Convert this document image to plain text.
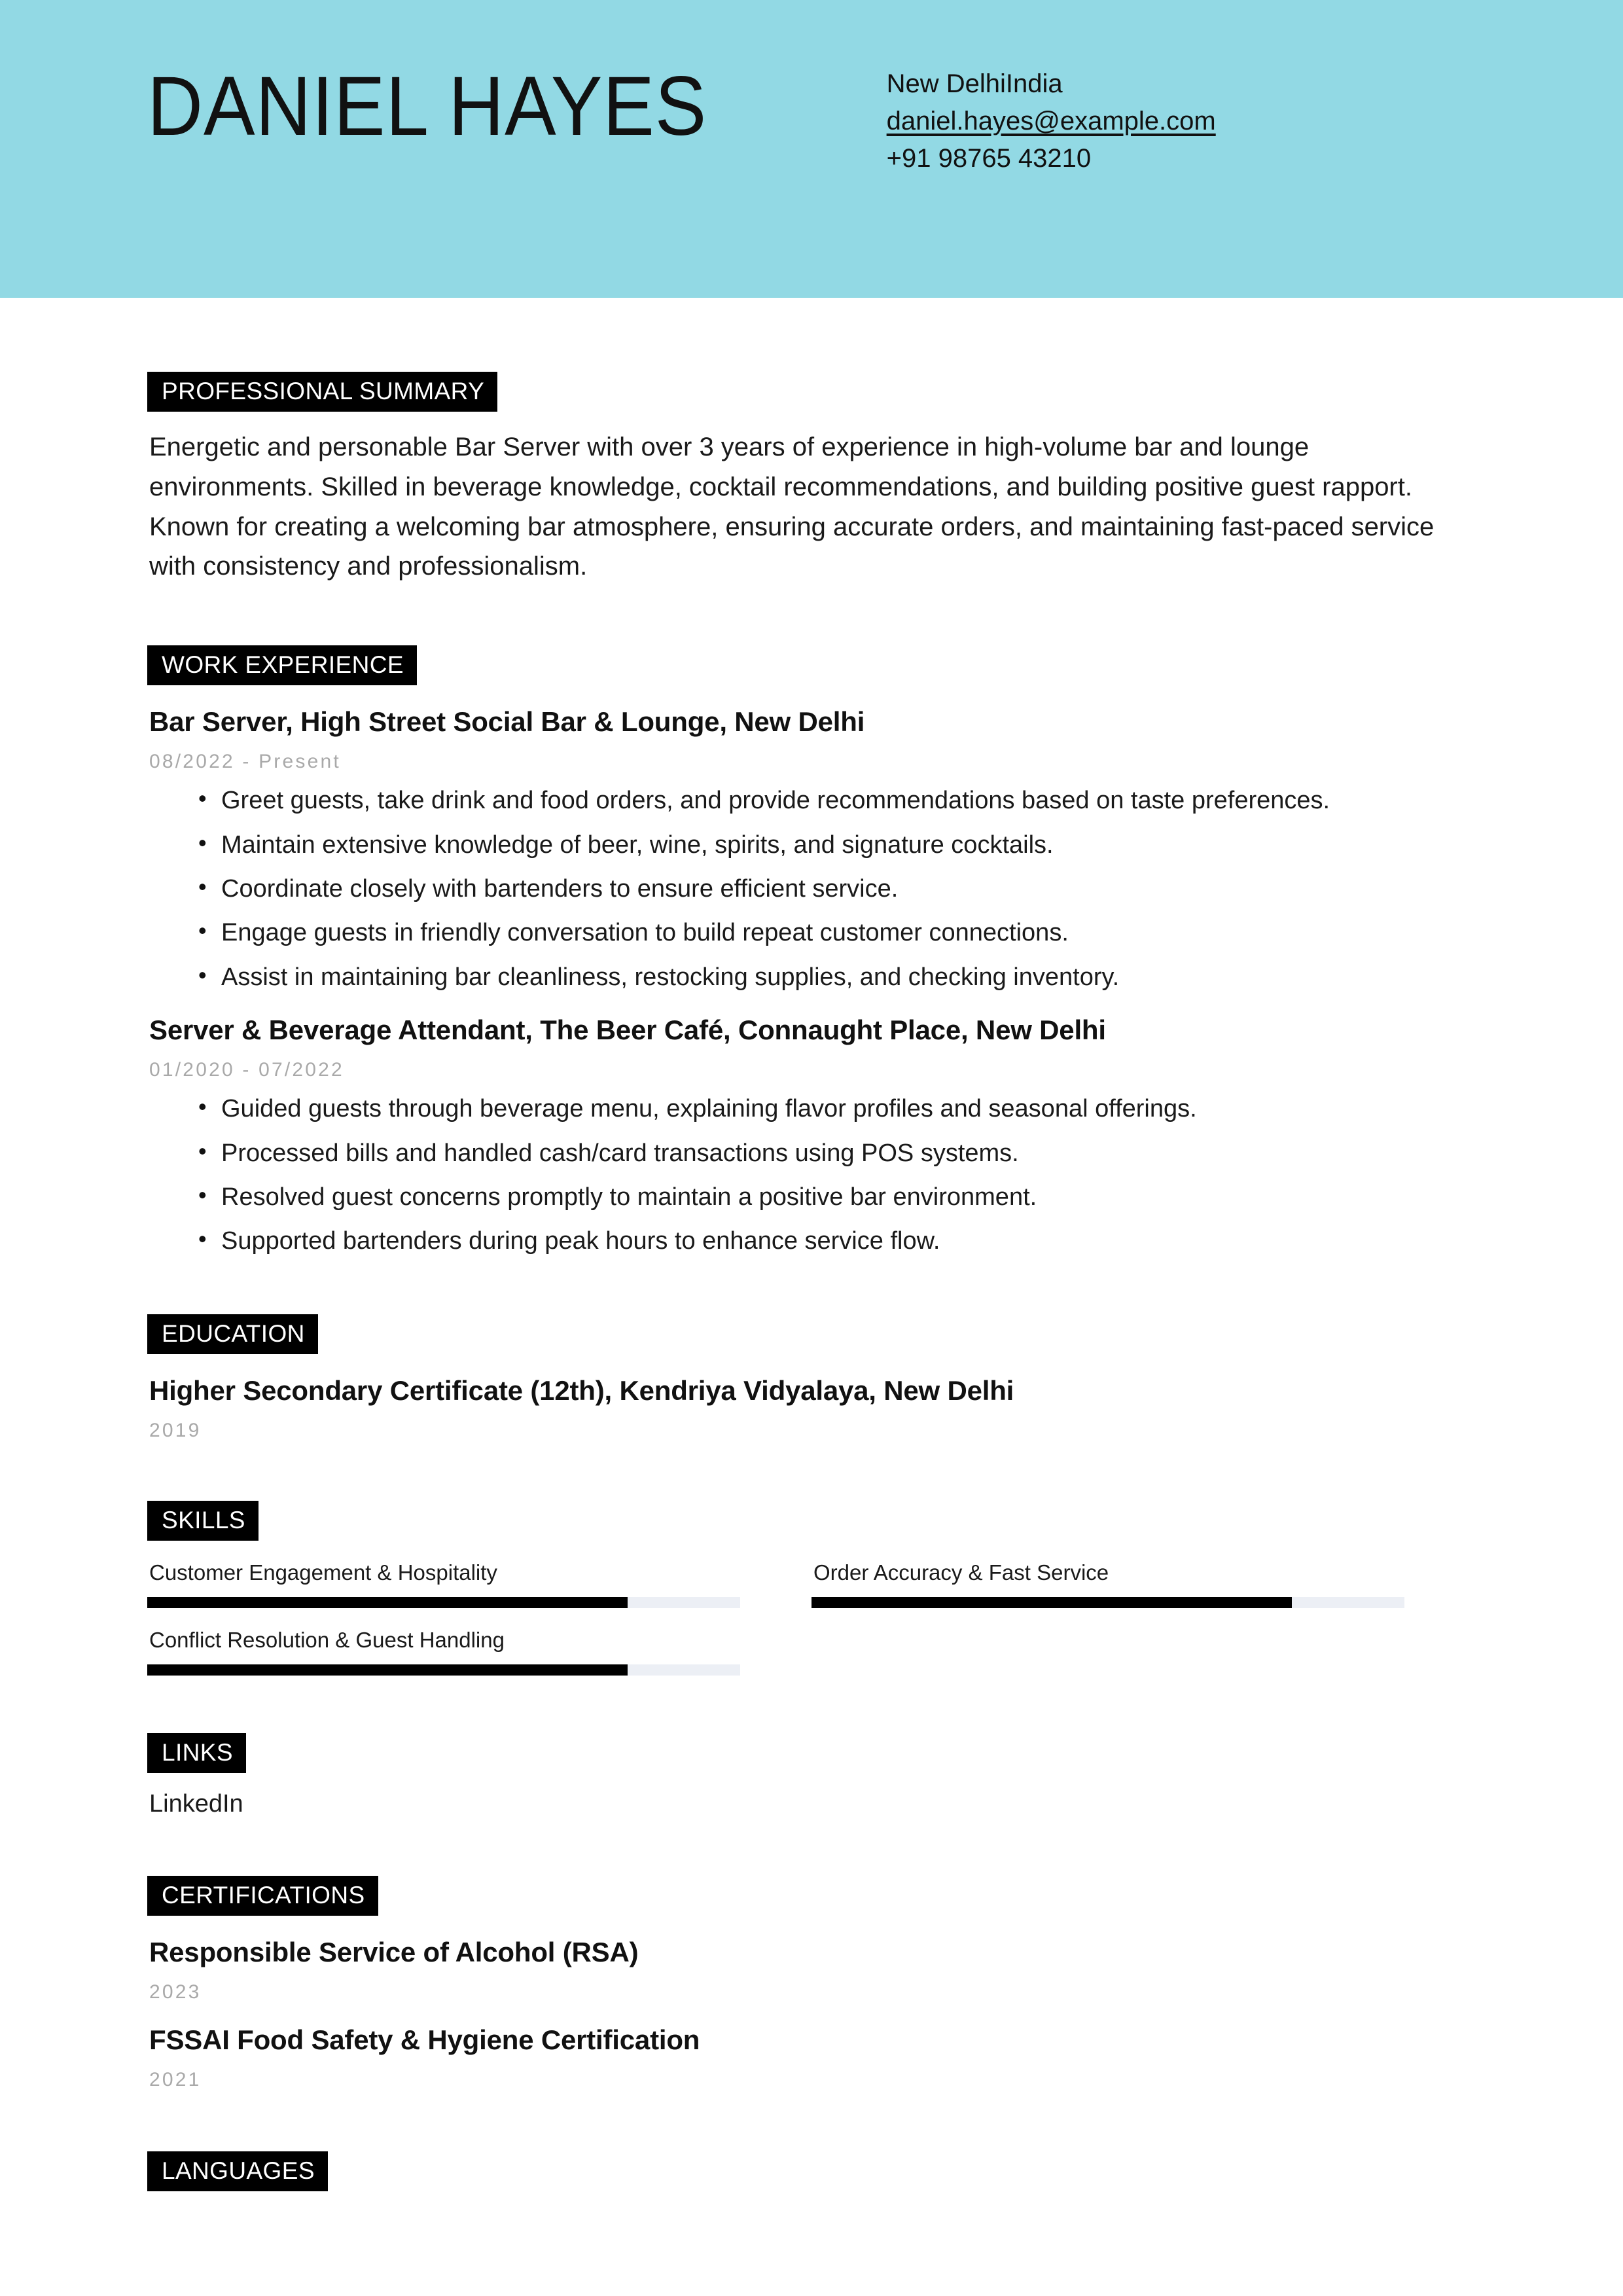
DANIEL HAYES	New DelhiIndia
daniel.hayes@example.com
+91 98765 43210
PROFESSIONAL SUMMARY

Energetic and personable Bar Server with over 3 years of experience in high-volume bar and lounge environments. Skilled in beverage knowledge, cocktail recommendations, and building positive guest rapport. Known for creating a welcoming bar atmosphere, ensuring accurate orders, and maintaining fast-paced service with consistency and professionalism.

WORK EXPERIENCE
Bar Server, High Street Social Bar & Lounge, New Delhi
08/2022 - Present
• Greet guests, take drink and food orders, and provide recommendations based on taste preferences.
• Maintain extensive knowledge of beer, wine, spirits, and signature cocktails.
• Coordinate closely with bartenders to ensure efficient service.
• Engage guests in friendly conversation to build repeat customer connections.
• Assist in maintaining bar cleanliness, restocking supplies, and checking inventory.
Server & Beverage Attendant, The Beer Café, Connaught Place, New Delhi
01/2020 - 07/2022
• Guided guests through beverage menu, explaining flavor profiles and seasonal offerings.
• Processed bills and handled cash/card transactions using POS systems.
• Resolved guest concerns promptly to maintain a positive bar environment.
• Supported bartenders during peak hours to enhance service flow.
EDUCATION
Higher Secondary Certificate (12th), Kendriya Vidyalaya, New Delhi
2019
SKILLS
Customer Engagement & Hospitality	Order Accuracy & Fast Service
Conflict Resolution & Guest Handling
LINKS
LinkedIn
CERTIFICATIONS
Responsible Service of Alcohol (RSA)
2023
FSSAI Food Safety & Hygiene Certification
2021
LANGUAGES
